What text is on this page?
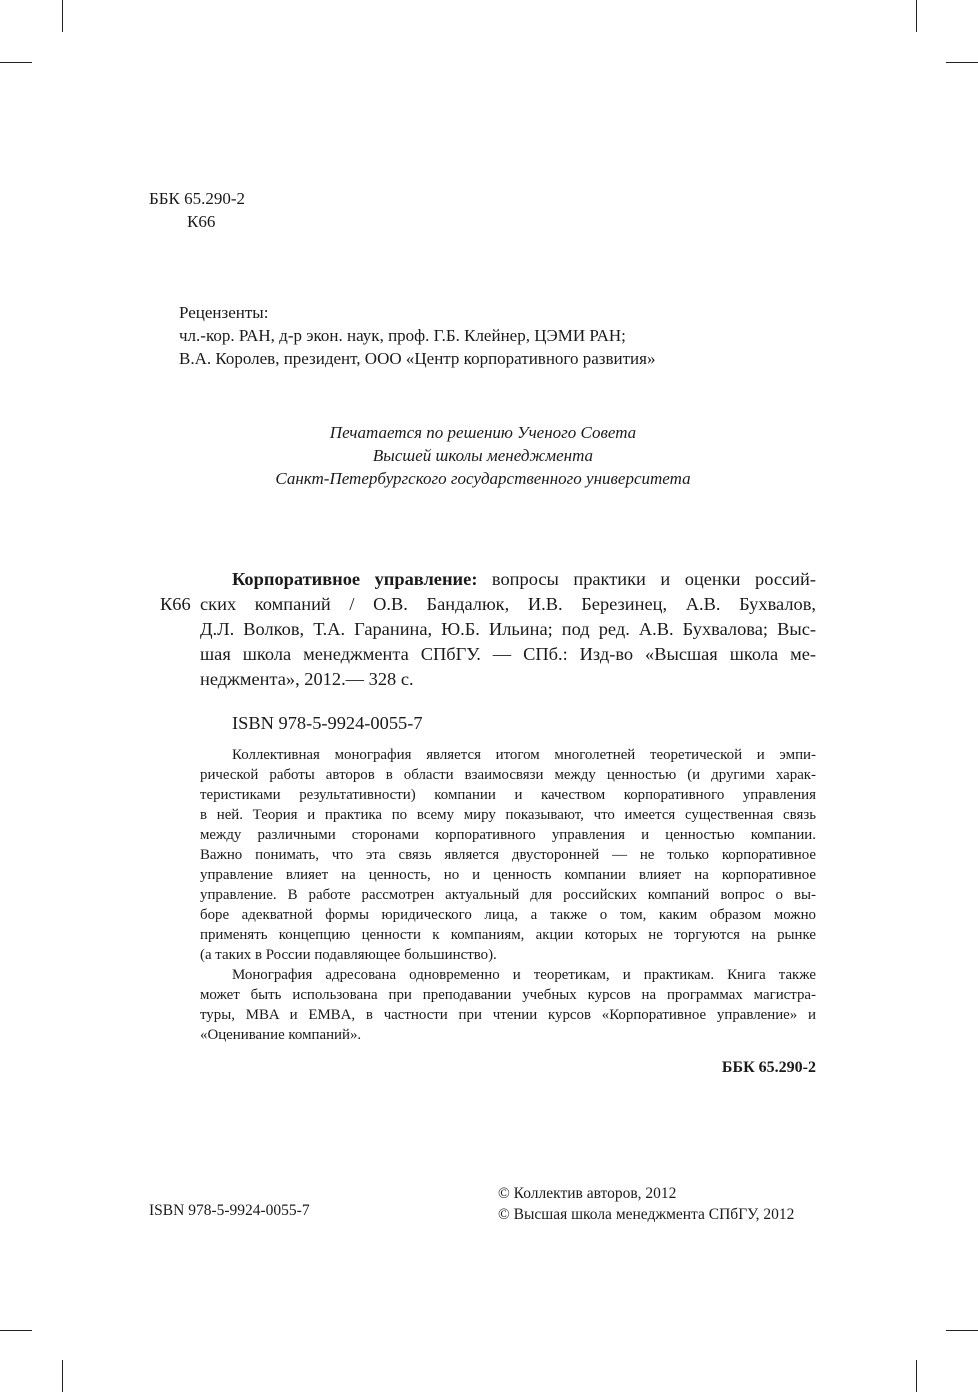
ББК 65.290-2
К66
Рецензенты:
чл.-кор. РАН, д-р экон. наук, проф. Г.Б. Клейнер, ЦЭМИ РАН;
В.А. Королев, президент, ООО «Центр корпоративного развития»
Печатается по решению Ученого Совета
Высшей школы менеджмента
Санкт-Петербургского государственного университета
К66
Корпоративное управление: вопросы практики и оценки россий-
ских компаний / О.В. Бандалюк, И.В. Березинец, А.В. Бухвалов,
Д.Л. Волков, Т.А. Гаранина, Ю.Б. Ильина; под ред. А.В. Бухвалова; Выс-
шая школа менеджмента СПбГУ. — СПб.: Изд-во «Высшая школа ме-
неджмента», 2012.— 328 с.
ISBN 978-5-9924-0055-7
Коллективная монография является итогом многолетней теоретической и эмпи-
рической работы авторов в области взаимосвязи между ценностью (и другими харак-
теристиками результативности) компании и качеством корпоративного управления
в ней. Теория и практика по всему миру показывают, что имеется существенная связь
между различными сторонами корпоративного управления и ценностью компании.
Важно понимать, что эта связь является двусторонней — не только корпоративное
управление влияет на ценность, но и ценность компании влияет на корпоративное
управление. В работе рассмотрен актуальный для российских компаний вопрос о вы-
боре адекватной формы юридического лица, а также о том, каким образом можно
применять концепцию ценности к компаниям, акции которых не торгуются на рынке
(а таких в России подавляющее большинство).
Монография адресована одновременно и теоретикам, и практикам. Книга также
может быть использована при преподавании учебных курсов на программах магистра-
туры, MBA и EMBA, в частности при чтении курсов «Корпоративное управление» и
«Оценивание компаний».
ББК 65.290-2
ISBN 978-5-9924-0055-7
© Коллектив авторов, 2012
© Высшая школа менеджмента СПбГУ, 2012
